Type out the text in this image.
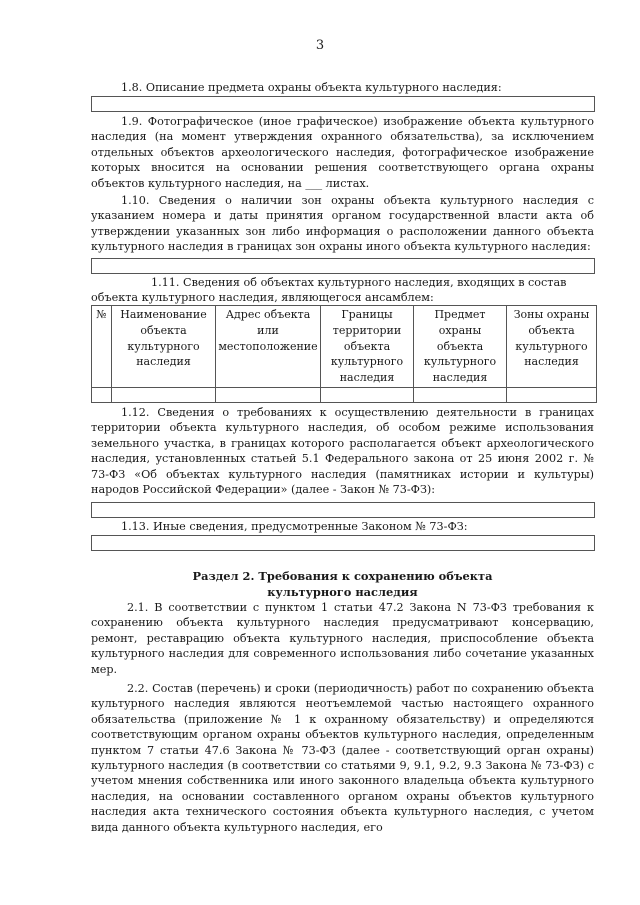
3
1.8. Описание предмета охраны объекта культурного наследия:
1.9. Фотографическое (иное графическое) изображение объекта культурного наследия (на момент утверждения охранного обязательства), за исключением отдельных объектов археологического наследия, фотографическое изображение которых вносится на основании решения соответствующего органа охраны объектов культурного наследия, на ___ листах.
1.10. Сведения о наличии зон охраны объекта культурного наследия с указанием номера и даты принятия органом государственной власти акта об утверждении указанных зон либо информация о расположении данного объекта культурного наследия в границах зон охраны иного объекта культурного наследия:
1.11. Сведения об объектах культурного наследия, входящих в состав
объекта культурного наследия, являющегося ансамблем:
№	Наименование объекта культурного наследия	Адрес объекта или местоположение	Границы территории объекта культурного наследия	Предмет охраны объекта культурного наследия	Зоны охраны объекта культурного наследия

1.12. Сведения о требованиях к осуществлению деятельности в границах территории объекта культурного наследия, об особом режиме использования земельного участка, в границах которого располагается объект археологического наследия, установленных статьей 5.1 Федерального закона от 25 июня 2002 г. № 73-ФЗ «Об объектах культурного наследия (памятниках истории и культуры) народов Российской Федерации» (далее - Закон № 73-ФЗ):
1.13. Иные сведения, предусмотренные Законом № 73-ФЗ:
Раздел 2. Требования к сохранению объекта
культурного наследия
2.1. В соответствии с пунктом 1 статьи 47.2 Закона N 73-ФЗ требования к сохранению объекта культурного наследия предусматривают консервацию, ремонт, реставрацию объекта культурного наследия, приспособление объекта культурного наследия для современного использования либо сочетание указанных мер.
2.2. Состав (перечень) и сроки (периодичность) работ по сохранению объекта культурного наследия являются неотъемлемой частью настоящего охранного обязательства (приложение № 1 к охранному обязательству) и определяются соответствующим органом охраны объектов культурного наследия, определенным пунктом 7 статьи 47.6 Закона № 73-ФЗ (далее - соответствующий орган охраны) культурного наследия (в соответствии со статьями 9, 9.1, 9.2, 9.3 Закона № 73-ФЗ) с учетом мнения собственника или иного законного владельца объекта культурного наследия, на основании составленного органом охраны объектов культурного наследия акта технического состояния объекта культурного наследия, с учетом вида данного объекта культурного наследия, его
